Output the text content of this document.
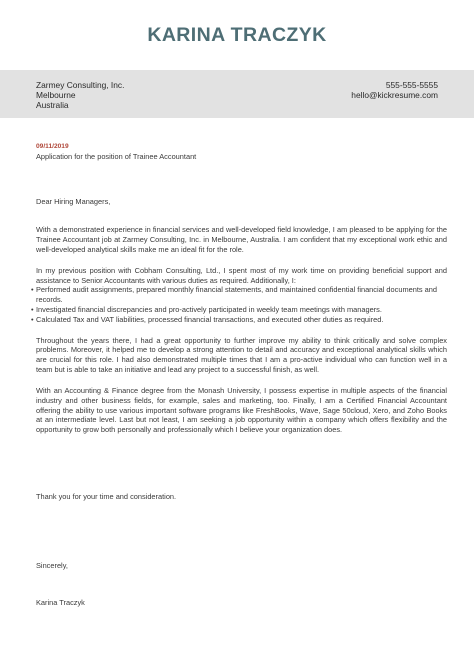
KARINA TRACZYK
Zarmey Consulting, Inc.
Melbourne
Australia
555-555-5555
hello@kickresume.com
09/11/2019
Application for the position of Trainee Accountant

Dear Hiring Managers,

With a demonstrated experience in financial services and well-developed field knowledge, I am pleased to be applying for the Trainee Accountant job at Zarmey Consulting, Inc. in Melbourne, Australia. I am confident that my exceptional work ethic and well-developed analytical skills make me an ideal fit for the role.

In my previous position with Cobham Consulting, Ltd., I spent most of my work time on providing beneficial support and assistance to Senior Accountants with various duties as required. Additionally, I:

• Performed audit assignments, prepared monthly financial statements, and maintained confidential financial documents and records.
• Investigated financial discrepancies and pro-actively participated in weekly team meetings with managers.
• Calculated Tax and VAT liabilities, processed financial transactions, and executed other duties as required.

Throughout the years there, I had a great opportunity to further improve my ability to think critically and solve complex problems. Moreover, it helped me to develop a strong attention to detail and accuracy and exceptional analytical skills which are crucial for this role. I had also demonstrated multiple times that I am a pro-active individual who can function well in a team but is able to take an initiative and lead any project to a successful finish, as well.

With an Accounting & Finance degree from the Monash University, I possess expertise in multiple aspects of the financial industry and other business fields, for example, sales and marketing, too. Finally, I am a Certified Financial Accountant offering the ability to use various important software programs like FreshBooks, Wave, Sage 50cloud, Xero, and Zoho Books at an intermediate level. Last but not least, I am seeking a job opportunity within a company which offers flexibility and the opportunity to grow both personally and professionally which I believe your organization does.

Thank you for your time and consideration.
Sincerely,
Karina Traczyk
